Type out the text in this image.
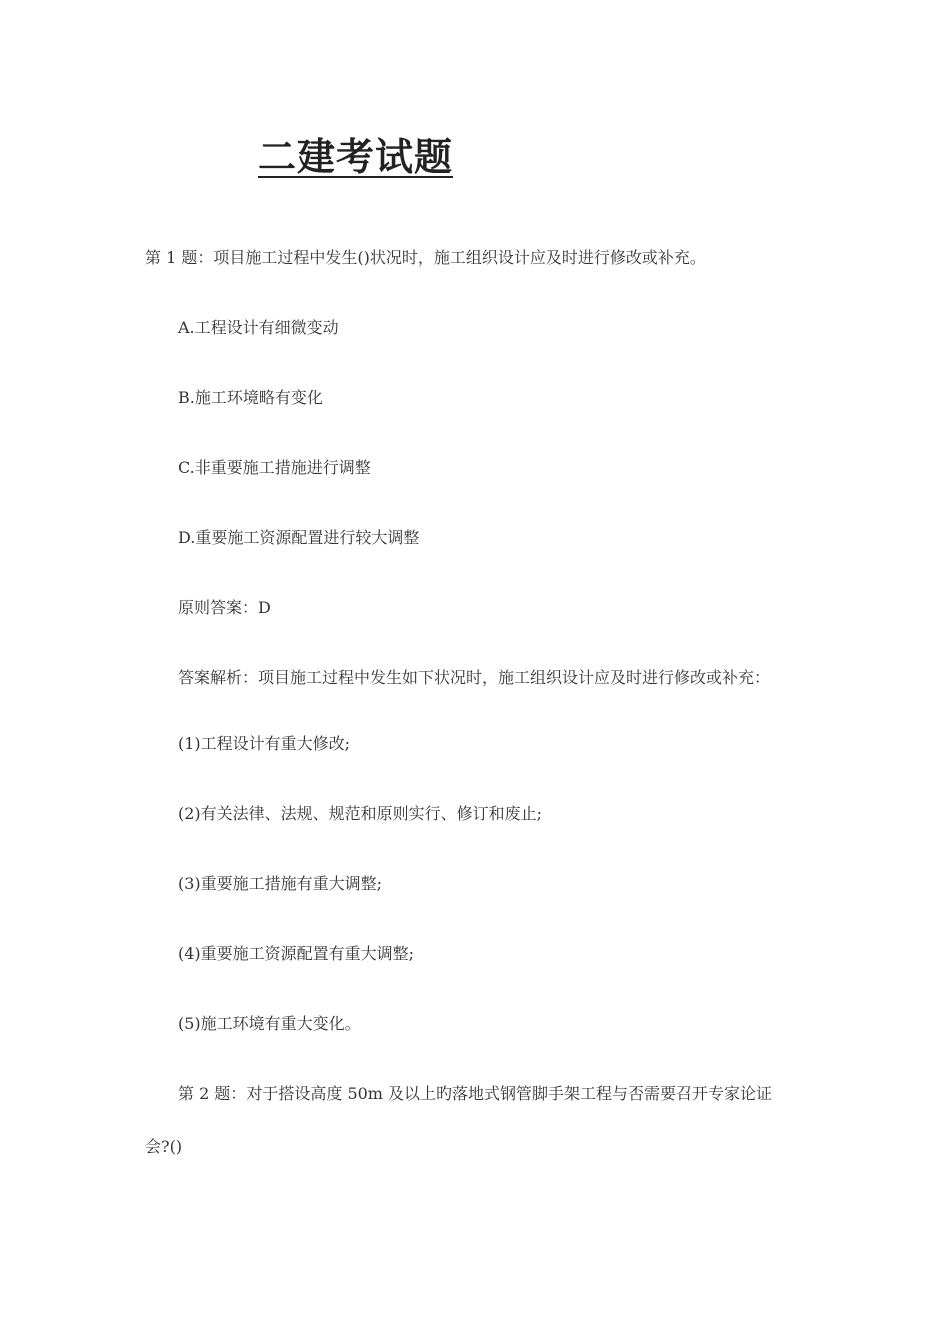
二建考试题

第 1 题：项目施工过程中发生()状况时，施工组织设计应及时进行修改或补充。

A.工程设计有细微变动

B.施工环境略有变化

C.非重要施工措施进行调整

D.重要施工资源配置进行较大调整

原则答案：D

答案解析：项目施工过程中发生如下状况时，施工组织设计应及时进行修改或补充：

(1)工程设计有重大修改;

(2)有关法律、法规、规范和原则实行、修订和废止;

(3)重要施工措施有重大调整;

(4)重要施工资源配置有重大调整;

(5)施工环境有重大变化。

第 2 题：对于搭设高度 50m 及以上旳落地式钢管脚手架工程与否需要召开专家论证

会?()
